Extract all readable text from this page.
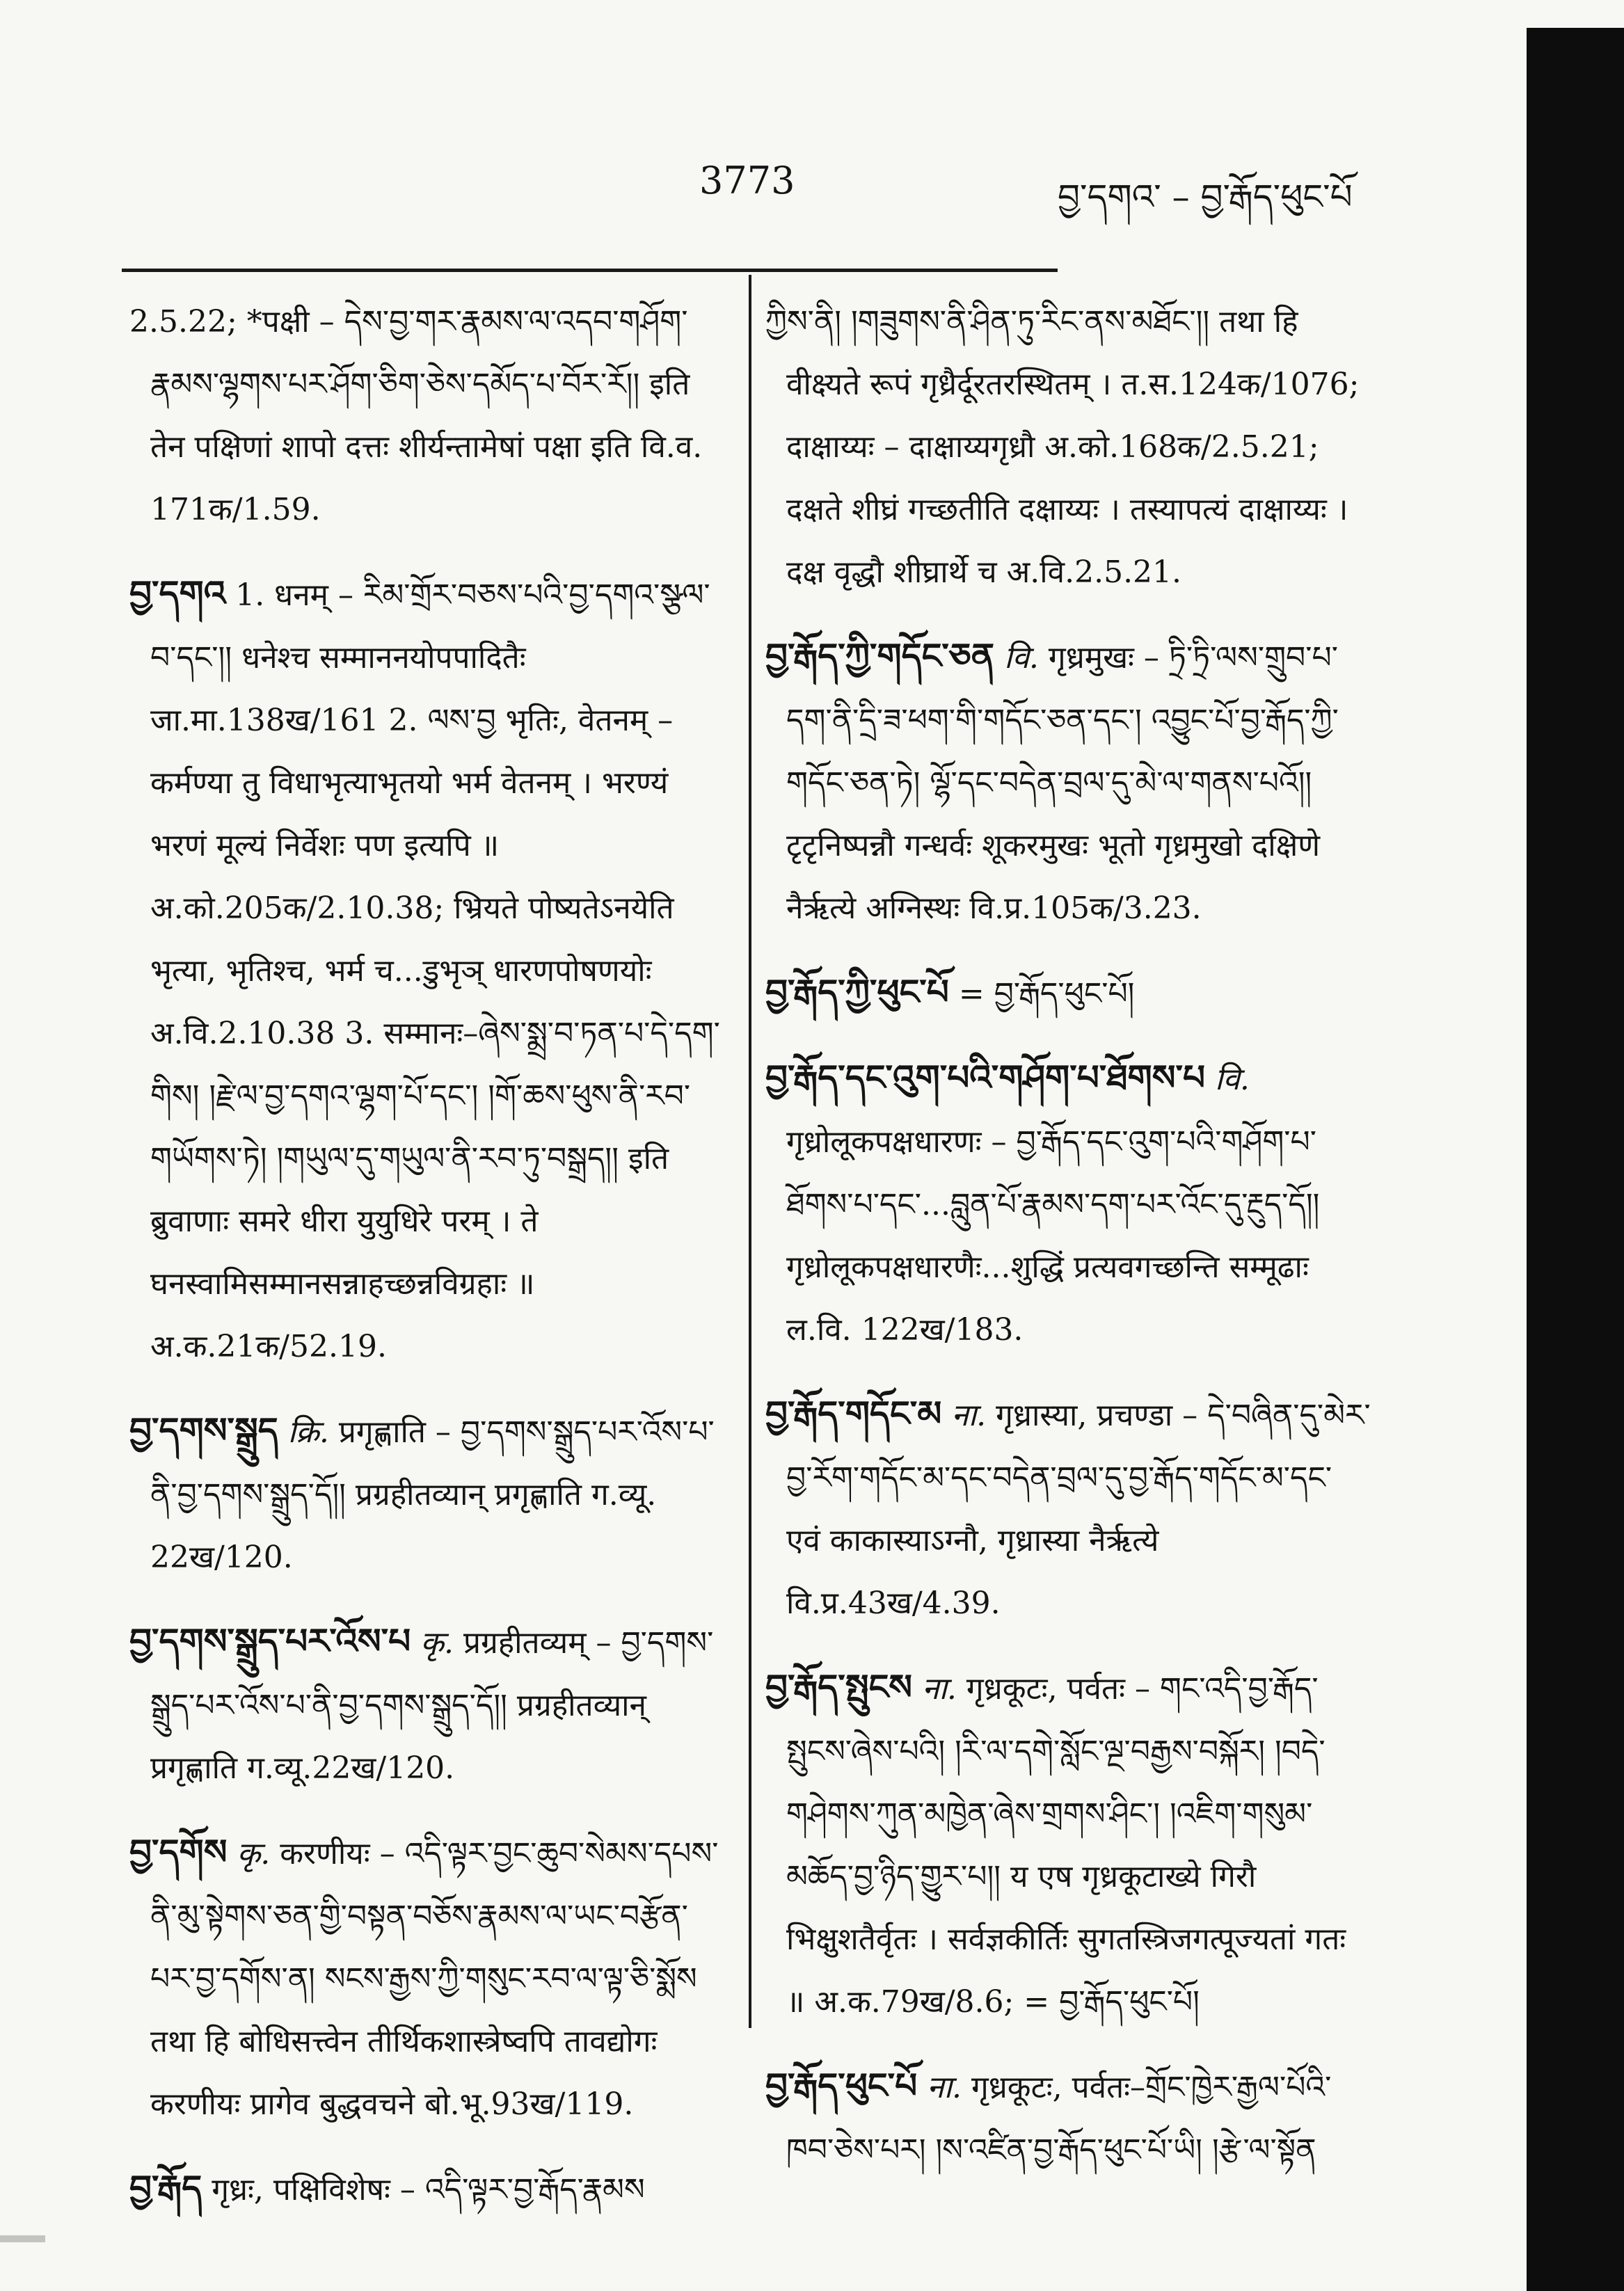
3773	བྱ་དགའ་ – བྱ་རྒོད་ཕུང་པོ

2.5.22; *पक्षी – དེས་བྱ་གར་རྣམས་ལ་འདབ་གཤོག་རྣམས་ལྷགས་པར་ཤོག་ཅིག་ཅེས་དམོད་པ་བོར་རོ།། इति तेन पक्षिणां शापो दत्तः शीर्यन्तामेषां पक्षा इति वि.व. 171क/1.59.

བྱ་དགའ 1. धनम् – རིམ་གྲོར་བཅས་པའི་བྱ་དགའ་སྩལ་བ་དང་།། धनेश्च सम्माननयोपपादितैः जा.मा.138ख/161 2. ལས་བྱ भृतिः, वेतनम् – कर्मण्या तु विधाभृत्याभृतयो भर्म वेतनम् । भरण्यं भरणं मूल्यं निर्वेशः पण इत्यपि ॥ अ.को.205क/2.10.38; भ्रियते पोष्यतेऽनयेति भृत्या, भृतिश्च, भर्म च...डुभृञ् धारणपोषणयोः अ.वि.2.10.38 3. सम्मानः–ཞེས་སྨྲ་བ་ཏན་པ་དེ་དག་གིས། །རྗེ་ལ་བྱ་དགའ་ལྷག་པོ་དང་། །གོ་ཆས་ཕུས་ནི་རབ་གཡོགས་ཏེ། །གཡུལ་དུ་གཡུལ་ནི་རབ་ཏུ་བསྒྲད།། इति ब्रुवाणाः समरे धीरा युयुधिरे परम् । ते घनस्वामिसम्मानसन्नाहच्छन्नविग्रहाः ॥ अ.क.21क/52.19.

བྱ་དགས་སྒྲུད क्रि. प्रगृह्णाति – བྱ་དགས་སྒྲུད་པར་འོས་པ་ནི་བྱ་དགས་སྒྲུད་དོ།། प्रग्रहीतव्यान् प्रगृह्णाति ग.व्यू. 22ख/120.

བྱ་དགས་སྒྲུད་པར་འོས་པ कृ. प्रग्रहीतव्यम् – བྱ་དགས་སྒྲུད་པར་འོས་པ་ནི་བྱ་དགས་སྒྲུད་དོ།། प्रग्रहीतव्यान् प्रगृह्णाति ग.व्यू.22ख/120.

བྱ་དགོས कृ. करणीयः – འདི་ལྟར་བྱང་ཆུབ་སེམས་དཔས་ནི་མུ་སྟེགས་ཅན་གྱི་བསྟན་བཅོས་རྣམས་ལ་ཡང་བརྩོན་པར་བྱ་དགོས་ན། སངས་རྒྱས་ཀྱི་གསུང་རབ་ལ་ལྟ་ཅི་སྨོས तथा हि बोधिसत्त्वेन तीर्थिकशास्त्रेष्वपि तावद्योगः करणीयः प्रागेव बुद्धवचने बो.भू.93ख/119.

བྱ་རྒོད गृध्रः, पक्षिविशेषः – འདི་ལྟར་བྱ་རྒོད་རྣམས

ཀྱིས་ནི། །གཟུགས་ནི་ཤིན་ཏུ་རིང་ནས་མཐོང་།། तथा हि वीक्ष्यते रूपं गृध्रैर्दूरतरस्थितम् । त.स.124क/1076; दाक्षाय्यः – दाक्षाय्यगृध्रौ अ.को.168क/2.5.21; दक्षते शीघ्रं गच्छतीति दक्षाय्यः । तस्यापत्यं दाक्षाय्यः । दक्ष वृद्धौ शीघ्रार्थे च अ.वि.2.5.21.

བྱ་རྒོད་ཀྱི་གདོང་ཅན वि. गृध्रमुखः – ཏྲི་ཏྲི་ལས་གྲུབ་པ་དག་ནི་དྲི་ཟ་ཕག་གི་གདོང་ཅན་དང་། འབྱུང་པོ་བྱ་རྒོད་ཀྱི་གདོང་ཅན་ཏེ། ལྷོ་དང་བདེན་བྲལ་དུ་མེ་ལ་གནས་པའོ།། टृटृनिष्पन्नौ गन्धर्वः शूकरमुखः भूतो गृध्रमुखो दक्षिणे नैर्ऋत्ये अग्निस्थः वि.प्र.105क/3.23.

བྱ་རྒོད་ཀྱི་ཕུང་པོ = བྱ་རྒོད་ཕུང་པོ།

བྱ་རྒོད་དང་འུག་པའི་གཤོག་པ་ཐོགས་པ वि. गृध्रोलूकपक्षधारणः – བྱ་རྒོད་དང་འུག་པའི་གཤོག་པ་ཐོགས་པ་དང་...བླུན་པོ་རྣམས་དག་པར་འོང་དུ་རྔུད་དོ།། गृध्रोलूकपक्षधारणैः...शुद्धिं प्रत्यवगच्छन्ति सम्मूढाः ल.वि. 122ख/183.

བྱ་རྒོད་གདོང་མ ना. गृध्रास्या, प्रचण्डा – དེ་བཞིན་དུ་མེར་བྱ་རོག་གདོང་མ་དང་བདེན་བྲལ་དུ་བྱ་རྒོད་གདོང་མ་དང་ एवं काकास्याऽग्नौ, गृध्रास्या नैर्ऋत्ये वि.प्र.43ख/4.39.

བྱ་རྒོད་སྤུངས ना. गृध्रकूटः, पर्वतः – གང་འདི་བྱ་རྒོད་སྤུངས་ཞེས་པའི། །རི་ལ་དགེ་སློང་ལྔ་བརྒྱས་བསྐོར། །བདེ་གཤེགས་ཀུན་མཁྱེན་ཞེས་གྲགས་ཤིང་། །འཇིག་གསུམ་མཆོད་བྱ་ཉིད་གྱུར་པ།། य एष गृध्रकूटाख्ये गिरौ भिक्षुशतैर्वृतः । सर्वज्ञकीर्तिः सुगतस्त्रिजगत्पूज्यतां गतः ॥ अ.क.79ख/8.6; = བྱ་རྒོད་ཕུང་པོ།

བྱ་རྒོད་ཕུང་པོ ना. गृध्रकूटः, पर्वतः–གྲོང་ཁྱེར་རྒྱལ་པོའི་ཁབ་ཅེས་པར། །ས་འཛིན་བྱ་རྒོད་ཕུང་པོ་ཡི། །རྩེ་ལ་སྟོན
